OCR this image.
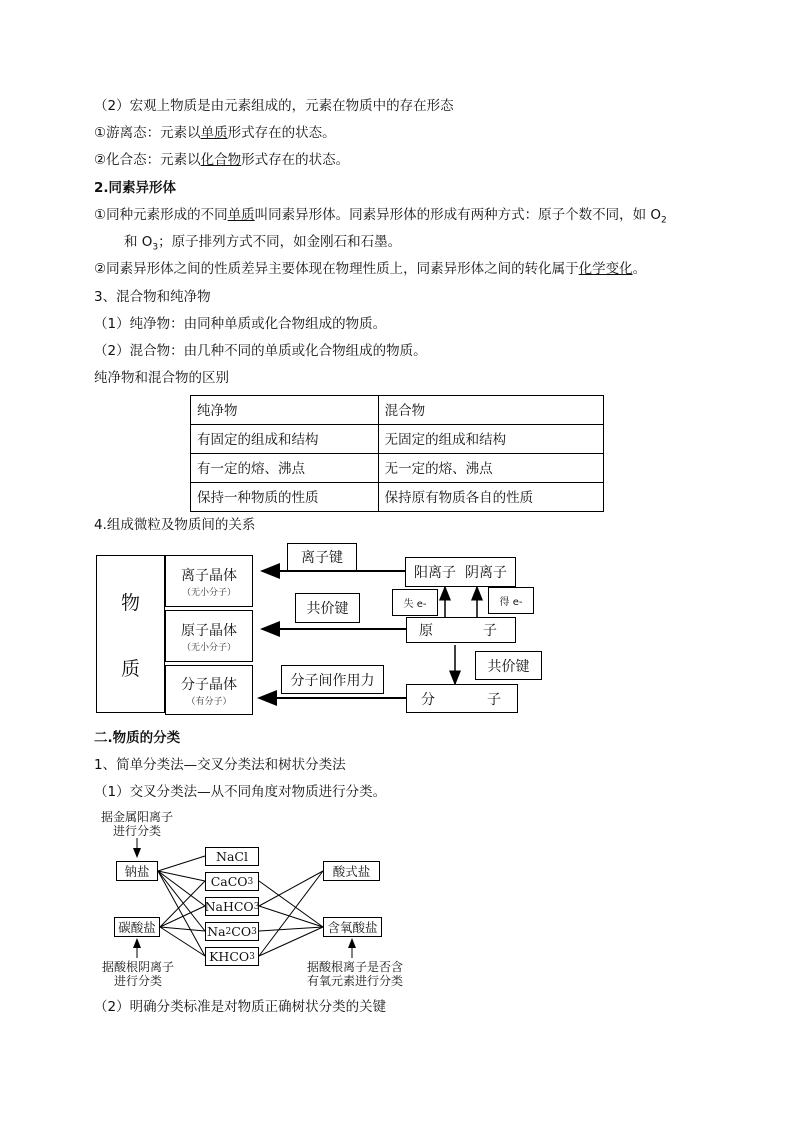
（2）宏观上物质是由元素组成的，元素在物质中的存在形态
①游离态：元素以单质形式存在的状态。
②化合态：元素以化合物形式存在的状态。
2.同素异形体
①同种元素形成的不同单质叫同素异形体。同素异形体的形成有两种方式：原子个数不同，如 $O_2$
和 $O_3$；原子排列方式不同，如金刚石和石墨。
②同素异形体之间的性质差异主要体现在物理性质上，同素异形体之间的转化属于化学变化。
3、混合物和纯净物
（1）纯净物：由同种单质或化合物组成的物质。
（2）混合物：由几种不同的单质或化合物组成的物质。
纯净物和混合物的区别
纯净物	混合物
有固定的组成和结构	无固定的组成和结构
有一定的熔、沸点	无一定的熔、沸点
保持一种物质的性质	保持原有物质各自的性质
4.组成微粒及物质间的关系
物
质
离子晶体
（无小分子）
原子晶体
（无小分子）
分子晶体
（有分子）
离子键
共价键
分子间作用力
阳离子  阴离子
失 e-	得 e-
原	子
共价键
分	子
二.物质的分类
1、简单分类法—交叉分类法和树状分类法
（1）交叉分类法—从不同角度对物质进行分类。
据金属阳离子
进行分类
钠盐
碳酸盐
据酸根阴离子
进行分类
NaCl
CaCO 3
NaHCO 3
Na 2 CO 3
KHCO 3
酸式盐
含氧酸盐
据酸根离子是否含
有氧元素进行分类
（2）明确分类标准是对物质正确树状分类的关键
